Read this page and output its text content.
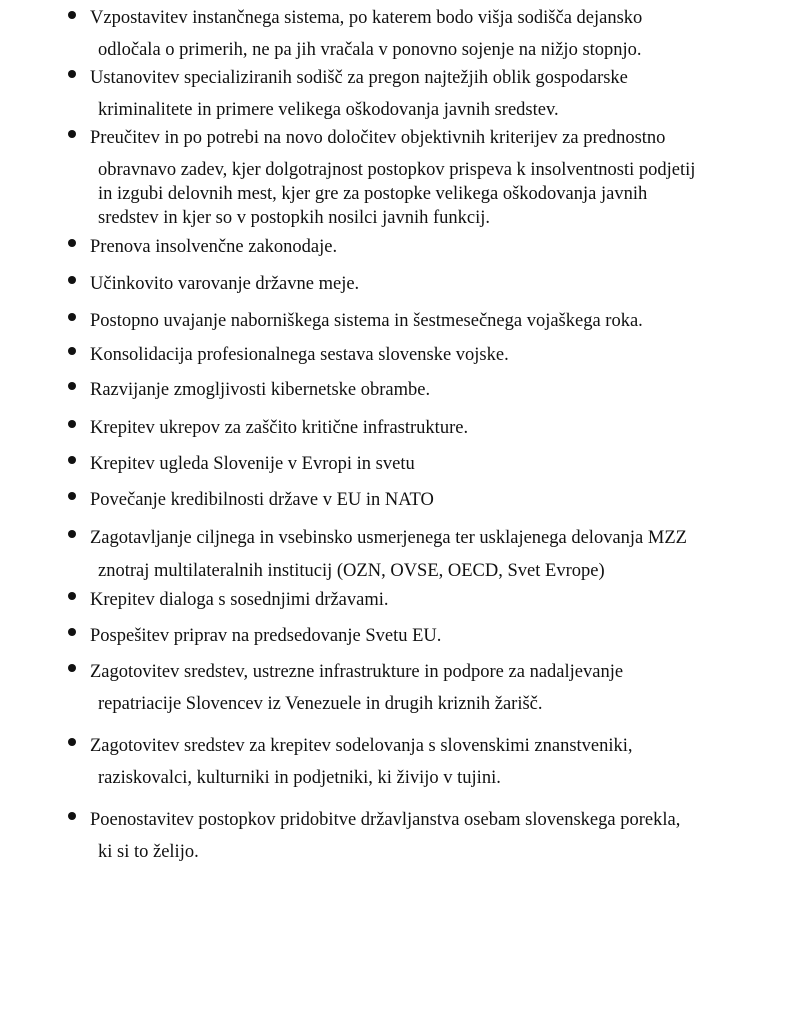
Vzpostavitev instančnega sistema, po katerem bodo višja sodišča dejansko
odločala o primerih, ne pa jih vračala v ponovno sojenje na nižjo stopnjo.
Ustanovitev specializiranih sodišč za pregon najtežjih oblik gospodarske
kriminalitete in primere velikega oškodovanja javnih sredstev.
Preučitev in po potrebi na novo določitev objektivnih kriterijev za prednostno
obravnavo zadev, kjer dolgotrajnost postopkov prispeva k insolventnosti podjetij
in izgubi delovnih mest, kjer gre za postopke velikega oškodovanja javnih
sredstev in kjer so v postopkih nosilci javnih funkcij.
Prenova insolvenčne zakonodaje.
Učinkovito varovanje državne meje.
Postopno uvajanje naborniškega sistema in šestmesečnega vojaškega roka.
Konsolidacija profesionalnega sestava slovenske vojske.
Razvijanje zmogljivosti kibernetske obrambe.
Krepitev ukrepov za zaščito kritične infrastrukture.
Krepitev ugleda Slovenije v Evropi in svetu
Povečanje kredibilnosti države v EU in NATO
Zagotavljanje ciljnega in vsebinsko usmerjenega ter usklajenega delovanja MZZ
znotraj multilateralnih institucij (OZN, OVSE, OECD, Svet Evrope)
Krepitev dialoga s sosednjimi državami.
Pospešitev priprav na predsedovanje Svetu EU.
Zagotovitev sredstev, ustrezne infrastrukture in podpore za nadaljevanje
repatriacije Slovencev iz Venezuele in drugih kriznih žarišč.
Zagotovitev sredstev za krepitev sodelovanja s slovenskimi znanstveniki,
raziskovalci, kulturniki in podjetniki, ki živijo v tujini.
Poenostavitev postopkov pridobitve državljanstva osebam slovenskega porekla,
ki si to želijo.
